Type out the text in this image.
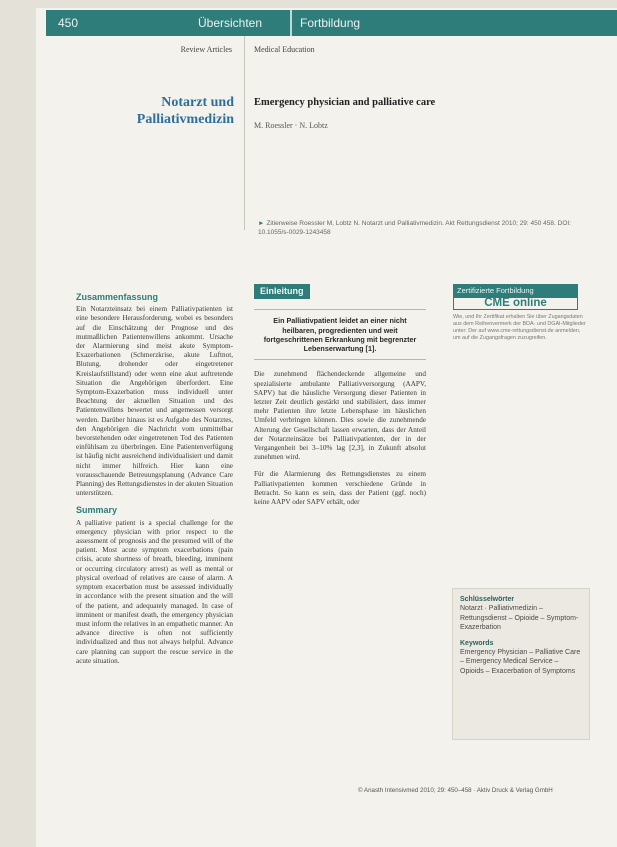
450	Übersichten	Fortbildung
Review Articles	Medical Education
Notarzt und Palliativmedizin
Emergency physician and palliative care
M. Roessler · N. Lobtz
► Zitierweise Roessler M, Lobtz N. Notarzt und Palliativmedizin. Akt Rettungsdienst 2010; 29: 450 458. DOI: 10.1055/s-0029-1243458
Zusammenfassung

Ein Notarzteinsatz bei einem Palliativpatienten ist eine besondere Herausforderung, wobei es besonders auf die Einschätzung der Prognose und des mutmaßlichen Patientenwillens ankommt. Ursache der Alarmierung sind meist akute Symptom-Exazerbationen (Schmerzkrise, akute Luftnot, Blutung, drohender oder eingetretener Kreislaufstillstand) oder wenn eine akut auftretende Situation die Angehörigen überfordert. Eine Symptom-Exazerbation muss individuell unter Beachtung der aktuellen Situation und des Patientenwillens bewertet und angemessen versorgt werden. Darüber hinaus ist es Aufgabe des Notarztes, den Angehörigen die Nachricht vom unmittelbar bevorstehenden oder eingetretenen Tod des Patienten einfühlsam zu überbringen. Eine Patientenverfügung ist häufig nicht ausreichend individualisiert und damit nicht immer hilfreich. Hier kann eine vorausschauende Betreuungsplanung (Advance Care Planning) des Rettungsdienstes in der akuten Situation unterstützen.

Summary

A palliative patient is a special challenge for the emergency physician with prior respect to the assessment of prognosis and the presumed will of the patient. Most acute symptom exacerbations (pain crisis, acute shortness of breath, bleeding, imminent or occurring circulatory arrest) as well as mental or physical overload of relatives are cause of alarm. A symptom exacerbation must be assessed individually in accordance with the present situation and the will of the patient, and adequately managed. In case of imminent or manifest death, the emergency physician must inform the relatives in an empathetic manner. An advance directive is often not sufficiently individualized and thus not always helpful. Advance care planning can support the rescue service in the acute situation.

Einleitung
Ein Palliativpatient leidet an einer nicht heilbaren, progredienten und weit fortgeschrittenen Erkrankung mit begrenzter Lebenserwartung [1].

Die zunehmend flächendeckende allgemeine und spezialisierte ambulante Palliativversorgung (AAPV, SAPV) hat die häusliche Versorgung dieser Patienten in letzter Zeit deutlich gestärkt und stabilisiert, dass immer mehr Patienten ihre letzte Lebensphase im häuslichen Umfeld verbringen können. Dies sowie die zunehmende Alterung der Gesellschaft lassen erwarten, dass der Anteil der Notarzteinsätze bei Palliativpatienten, der in der Vergangenheit bei 3–10% lag [2,3], in Zukunft absolut zunehmen wird.

Für die Alarmierung des Rettungsdienstes zu einem Palliativpatienten kommen verschiedene Gründe in Betracht. So kann es sein, dass der Patient (ggf. noch) keine AAPV oder SAPV erhält, oder

Zertifizierte Fortbildung
CME online
Wie, und Ihr Zertifikat erhalten Sie über Zugangsdaten aus dem Reihenvermerk der BDA- und DGAI-Mitglieder unter: Der auf www.cme-rettungsdienst.de anmelden, um auf die Zugangsfragen zuzugreifen.
Schlüsselwörter
Notarzt · Palliativmedizin – Rettungsdienst – Opioide – Symptom-Exazerbation
Keywords
Emergency Physician – Palliative Care – Emergency Medical Service – Opioids – Exacerbation of Symptoms
© Anasth Intensivmed 2010; 29: 450–458 · Aktiv Druck & Verlag GmbH
